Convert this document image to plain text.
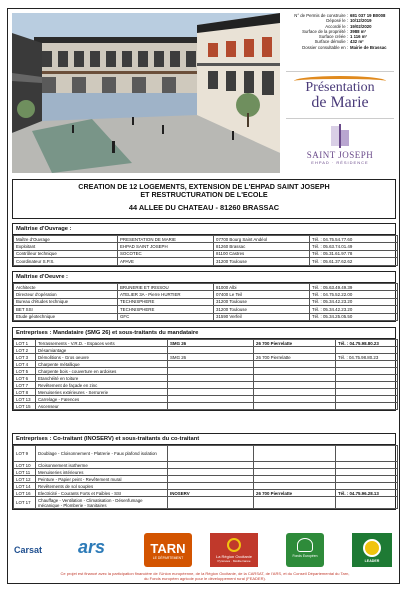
N° de Permis de construire : 681 037 19 B0008
Déposé le : 10/12/2019
Accordé le : 19/02/2020
Surface de la propriété : 3988 m²
Surface créée : 1 116 m²
Surface démolie : 432 m²
Dossier consultable en : Mairie de Brassac
Présentation
de Marie
SAINT JOSEPH
EHPAD · RÉSIDENCE
CREATION DE 12 LOGEMENTS, EXTENSION DE L'EHPAD SAINT JOSEPH
ET RESTRUCTURATION DE L'ECOLE
44 ALLEE DU CHATEAU - 81260 BRASSAC
Maîtrise d'Ouvrage :
Maître d'Ouvrage	PRESENTATION DE MARIE	07700 Bourg Saint Andéol	Tél. : 04.75.54.77.60
Exploitant	EHPAD SAINT JOSEPH	81260 Brassac	Tél. : 05.63.74.01.49
Contrôleur technique	SOCOTEC	81100 Castres	Tél. : 05.31.61.97.78
Coordinateur S.P.S.	APAVE	31200 Toulouse	Tél. : 05.61.37.62.62
Maîtrise d'Oeuvre :
Architecte	BRUNERIE ET IRISSOU	81000 Albi	Tél. : 05.63.49.49.39
Directeur d'opération	ATELIER 3A - Pierre HURTIER	07400 Le Teil	Tél. : 04.75.52.22.00
Bureau d'études technique	TECHNISPHERE	31200 Toulouse	Tél. : 05.34.42.23.20
BET SSI	TECHNISPHERE	31200 Toulouse	Tél. : 05.34.42.23.20
Etude géotechnique	GFC	31590 Verfeil	Tél. : 05.34.25.05.50
Entreprises : Mandataire (SMG 26) et sous-traitants du mandataire
LOT 1	Terrassements - V.R.D. - Espaces verts	SMG 26	26 700 Pierrelatte	Tél. : 04.75.98.80.23
LOT 2	Désamiantage			
LOT 3	Démolitions - Gros oeuvre	SMG 26	26 700 Pierrelatte	Tél. : 04.75.98.80.23
LOT 4	Charpente métallique			
LOT 5	Charpente bois - couverture en ardoises			
LOT 6	Etanchéité en toiture			
LOT 7	Revêtement de façade en zinc			
LOT 8	Menuiseries extérieures - Serrurerie			
LOT 13	Carrelage - Faïences			
LOT 15	Ascenseur			
Entreprises : Co-traitant (INOSERV) et sous-traitants du co-traitant
LOT 9	Doublage - Cloisonnement - Platrerie - Faux plafond isolation			
LOT 10	Cloisonnement isotherme			
LOT 11	Menuiseries intérieures			
LOT 12	Peinture - Papier peint - Revêtement mural			
LOT 14	Revêtements de sol souples			
LOT 16	Electricité - Courants Forts et Faibles - SSI	INOSERV	26 700 Pierrelatte	Tél. : 04.75.96.28.13
LOT 17	Chauffage - Ventilation - Climatisation - Désenfumage mécanique - Plomberie - Sanitaires			
Carsat	ars	TARN
LE DÉPARTEMENT	La Région Occitanie
Pyrénées · Méditerranée
Fonds Européen
LEADER
Ce projet est financé avec la participation financière de l'Union européenne, de la Région Occitanie, de la CARSAT, de l'ARS, et du Conseil Départemental du Tarn,
du Fonds européen agricole pour le développement rural (FEADER).
